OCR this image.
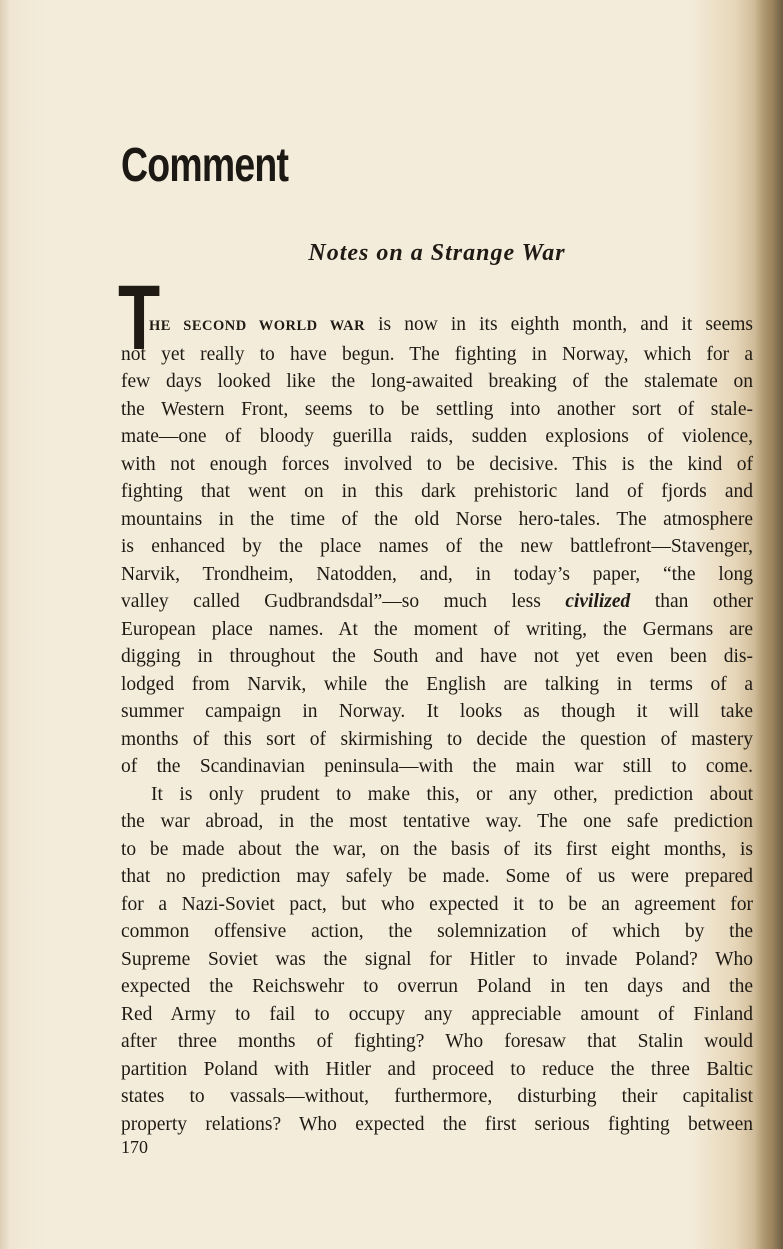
Comment
Notes on a Strange War
T
HE SECOND WORLD WAR is now in its eighth month, and it seems
not yet really to have begun. The fighting in Norway, which for a
few days looked like the long-awaited breaking of the stalemate on
the Western Front, seems to be settling into another sort of stale-
mate—one of bloody guerilla raids, sudden explosions of violence,
with not enough forces involved to be decisive. This is the kind of
fighting that went on in this dark prehistoric land of fjords and
mountains in the time of the old Norse hero-tales. The atmosphere
is enhanced by the place names of the new battlefront—Stavenger,
Narvik, Trondheim, Natodden, and, in today’s paper, “the long
valley called Gudbrandsdal”—so much less civilized than other
European place names. At the moment of writing, the Germans are
digging in throughout the South and have not yet even been dis-
lodged from Narvik, while the English are talking in terms of a
summer campaign in Norway. It looks as though it will take
months of this sort of skirmishing to decide the question of mastery
of the Scandinavian peninsula—with the main war still to come.
It is only prudent to make this, or any other, prediction about
the war abroad, in the most tentative way. The one safe prediction
to be made about the war, on the basis of its first eight months, is
that no prediction may safely be made. Some of us were prepared
for a Nazi-Soviet pact, but who expected it to be an agreement for
common offensive action, the solemnization of which by the
Supreme Soviet was the signal for Hitler to invade Poland? Who
expected the Reichswehr to overrun Poland in ten days and the
Red Army to fail to occupy any appreciable amount of Finland
after three months of fighting? Who foresaw that Stalin would
partition Poland with Hitler and proceed to reduce the three Baltic
states to vassals—without, furthermore, disturbing their capitalist
property relations? Who expected the first serious fighting between
170
